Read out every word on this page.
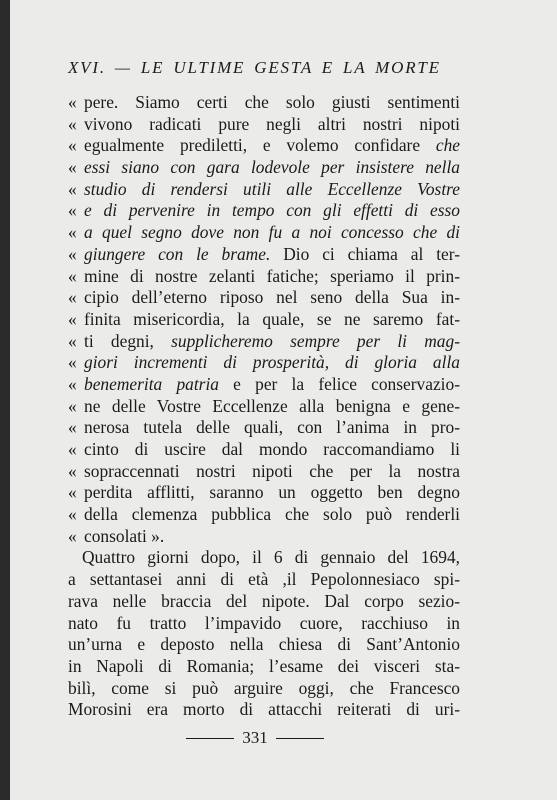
XVI. — LE ULTIME GESTA E LA MORTE
«pere. Siamo certi che solo giusti sentimenti
«vivono radicati pure negli altri nostri nipoti
«egualmente prediletti, e volemo confidare che
«essi siano con gara lodevole per insistere nella
«studio di rendersi utili alle Eccellenze Vostre
«e di pervenire in tempo con gli effetti di esso
«a quel segno dove non fu a noi concesso che di
«giungere con le brame. Dio ci chiama al ter-
«mine di nostre zelanti fatiche; speriamo il prin-
«cipio dell’eterno riposo nel seno della Sua in-
«finita misericordia, la quale, se ne saremo fat-
«ti degni, supplicheremo sempre per li mag-
«giori incrementi di prosperità, di gloria alla
«benemerita patria e per la felice conservazio-
«ne delle Vostre Eccellenze alla benigna e gene-
«nerosa tutela delle quali, con l’anima in pro-
«cinto di uscire dal mondo raccomandiamo li
«sopraccennati nostri nipoti che per la nostra
«perdita afflitti, saranno un oggetto ben degno
«della clemenza pubblica che solo può renderli
«consolati ».
Quattro giorni dopo, il 6 di gennaio del 1694,
a settantasei anni di età ,il Pepolonnesiaco spi-
rava nelle braccia del nipote. Dal corpo sezio-
nato fu tratto l’impavido cuore, racchiuso in
un’urna e deposto nella chiesa di Sant’Antonio
in Napoli di Romania; l’esame dei visceri sta-
bilì, come si può arguire oggi, che Francesco
Morosini era morto di attacchi reiterati di uri-
331
